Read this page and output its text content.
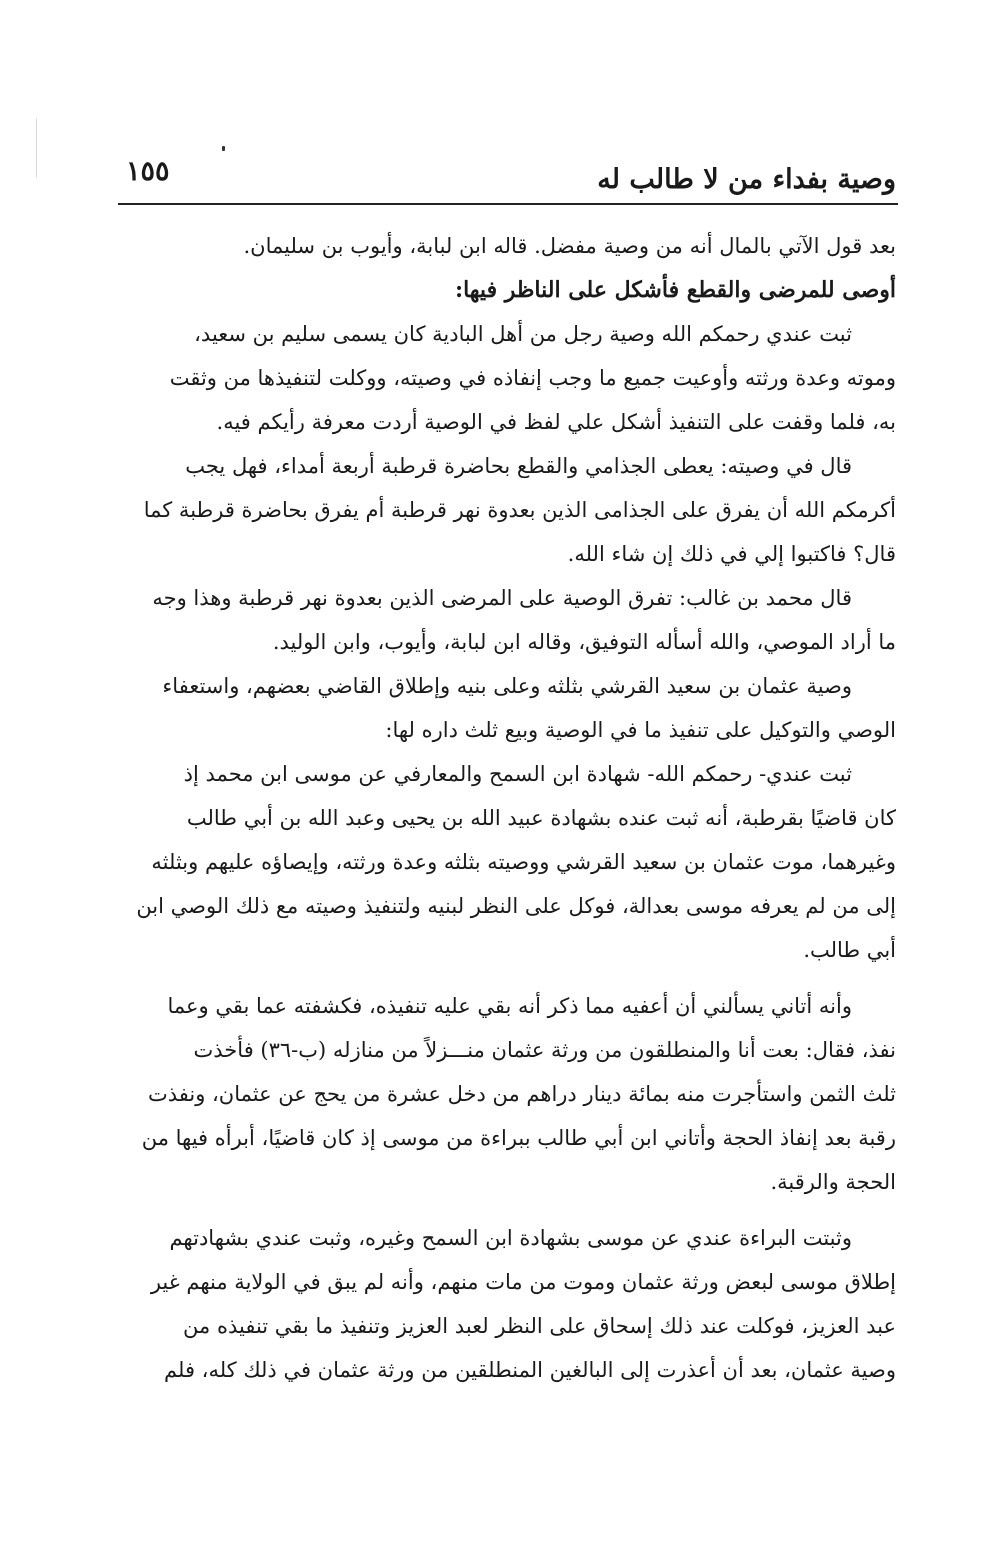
وصية بفداء من لا طالب له
١٥٥
بعد قول الآتي بالمال أنه من وصية مفضل. قاله ابن لبابة، وأيوب بن سليمان.
أوصى للمرضى والقطع فأشكل على الناظر فيها:
ثبت عندي رحمكم الله وصية رجل من أهل البادية كان يسمى سليم بن سعيد،
وموته وعدة ورثته وأوعيت جميع ما وجب إنفاذه في وصيته، ووكلت لتنفيذها من وثقت
به، فلما وقفت على التنفيذ أشكل علي لفظ في الوصية أردت معرفة رأيكم فيه.
قال في وصيته: يعطى الجذامي والقطع بحاضرة قرطبة أربعة أمداء، فهل يجب
أكرمكم الله أن يفرق على الجذامى الذين بعدوة نهر قرطبة أم يفرق بحاضرة قرطبة كما
قال؟ فاكتبوا إلي في ذلك إن شاء الله.
قال محمد بن غالب: تفرق الوصية على المرضى الذين بعدوة نهر قرطبة وهذا وجه
ما أراد الموصي، والله أسأله التوفيق، وقاله ابن لبابة، وأيوب، وابن الوليد.
وصية عثمان بن سعيد القرشي بثلثه وعلى بنيه وإطلاق القاضي بعضهم، واستعفاء
الوصي والتوكيل على تنفيذ ما في الوصية وبيع ثلث داره لها:
ثبت عندي- رحمكم الله- شهادة ابن السمح والمعارفي عن موسى ابن محمد إذ
كان قاضيًا بقرطبة، أنه ثبت عنده بشهادة عبيد الله بن يحيى وعبد الله بن أبي طالب
وغيرهما، موت عثمان بن سعيد القرشي ووصيته بثلثه وعدة ورثته، وإيصاؤه عليهم وبثلثه
إلى من لم يعرفه موسى بعدالة، فوكل على النظر لبنيه ولتنفيذ وصيته مع ذلك الوصي ابن
أبي طالب.
وأنه أتاني يسألني أن أعفيه مما ذكر أنه بقي عليه تنفيذه، فكشفته عما بقي وعما
نفذ، فقال: بعت أنا والمنطلقون من ورثة عثمان منـــزلاً من منازله (ب-٣٦) فأخذت
ثلث الثمن واستأجرت منه بمائة دينار دراهم من دخل عشرة من يحج عن عثمان، ونفذت
رقبة بعد إنفاذ الحجة وأتاني ابن أبي طالب ببراءة من موسى إذ كان قاضيًا، أبرأه فيها من
الحجة والرقبة.
وثبتت البراءة عندي عن موسى بشهادة ابن السمح وغيره، وثبت عندي بشهادتهم
إطلاق موسى لبعض ورثة عثمان وموت من مات منهم، وأنه لم يبق في الولاية منهم غير
عبد العزيز، فوكلت عند ذلك إسحاق على النظر لعبد العزيز وتنفيذ ما بقي تنفيذه من
وصية عثمان، بعد أن أعذرت إلى البالغين المنطلقين من ورثة عثمان في ذلك كله، فلم
